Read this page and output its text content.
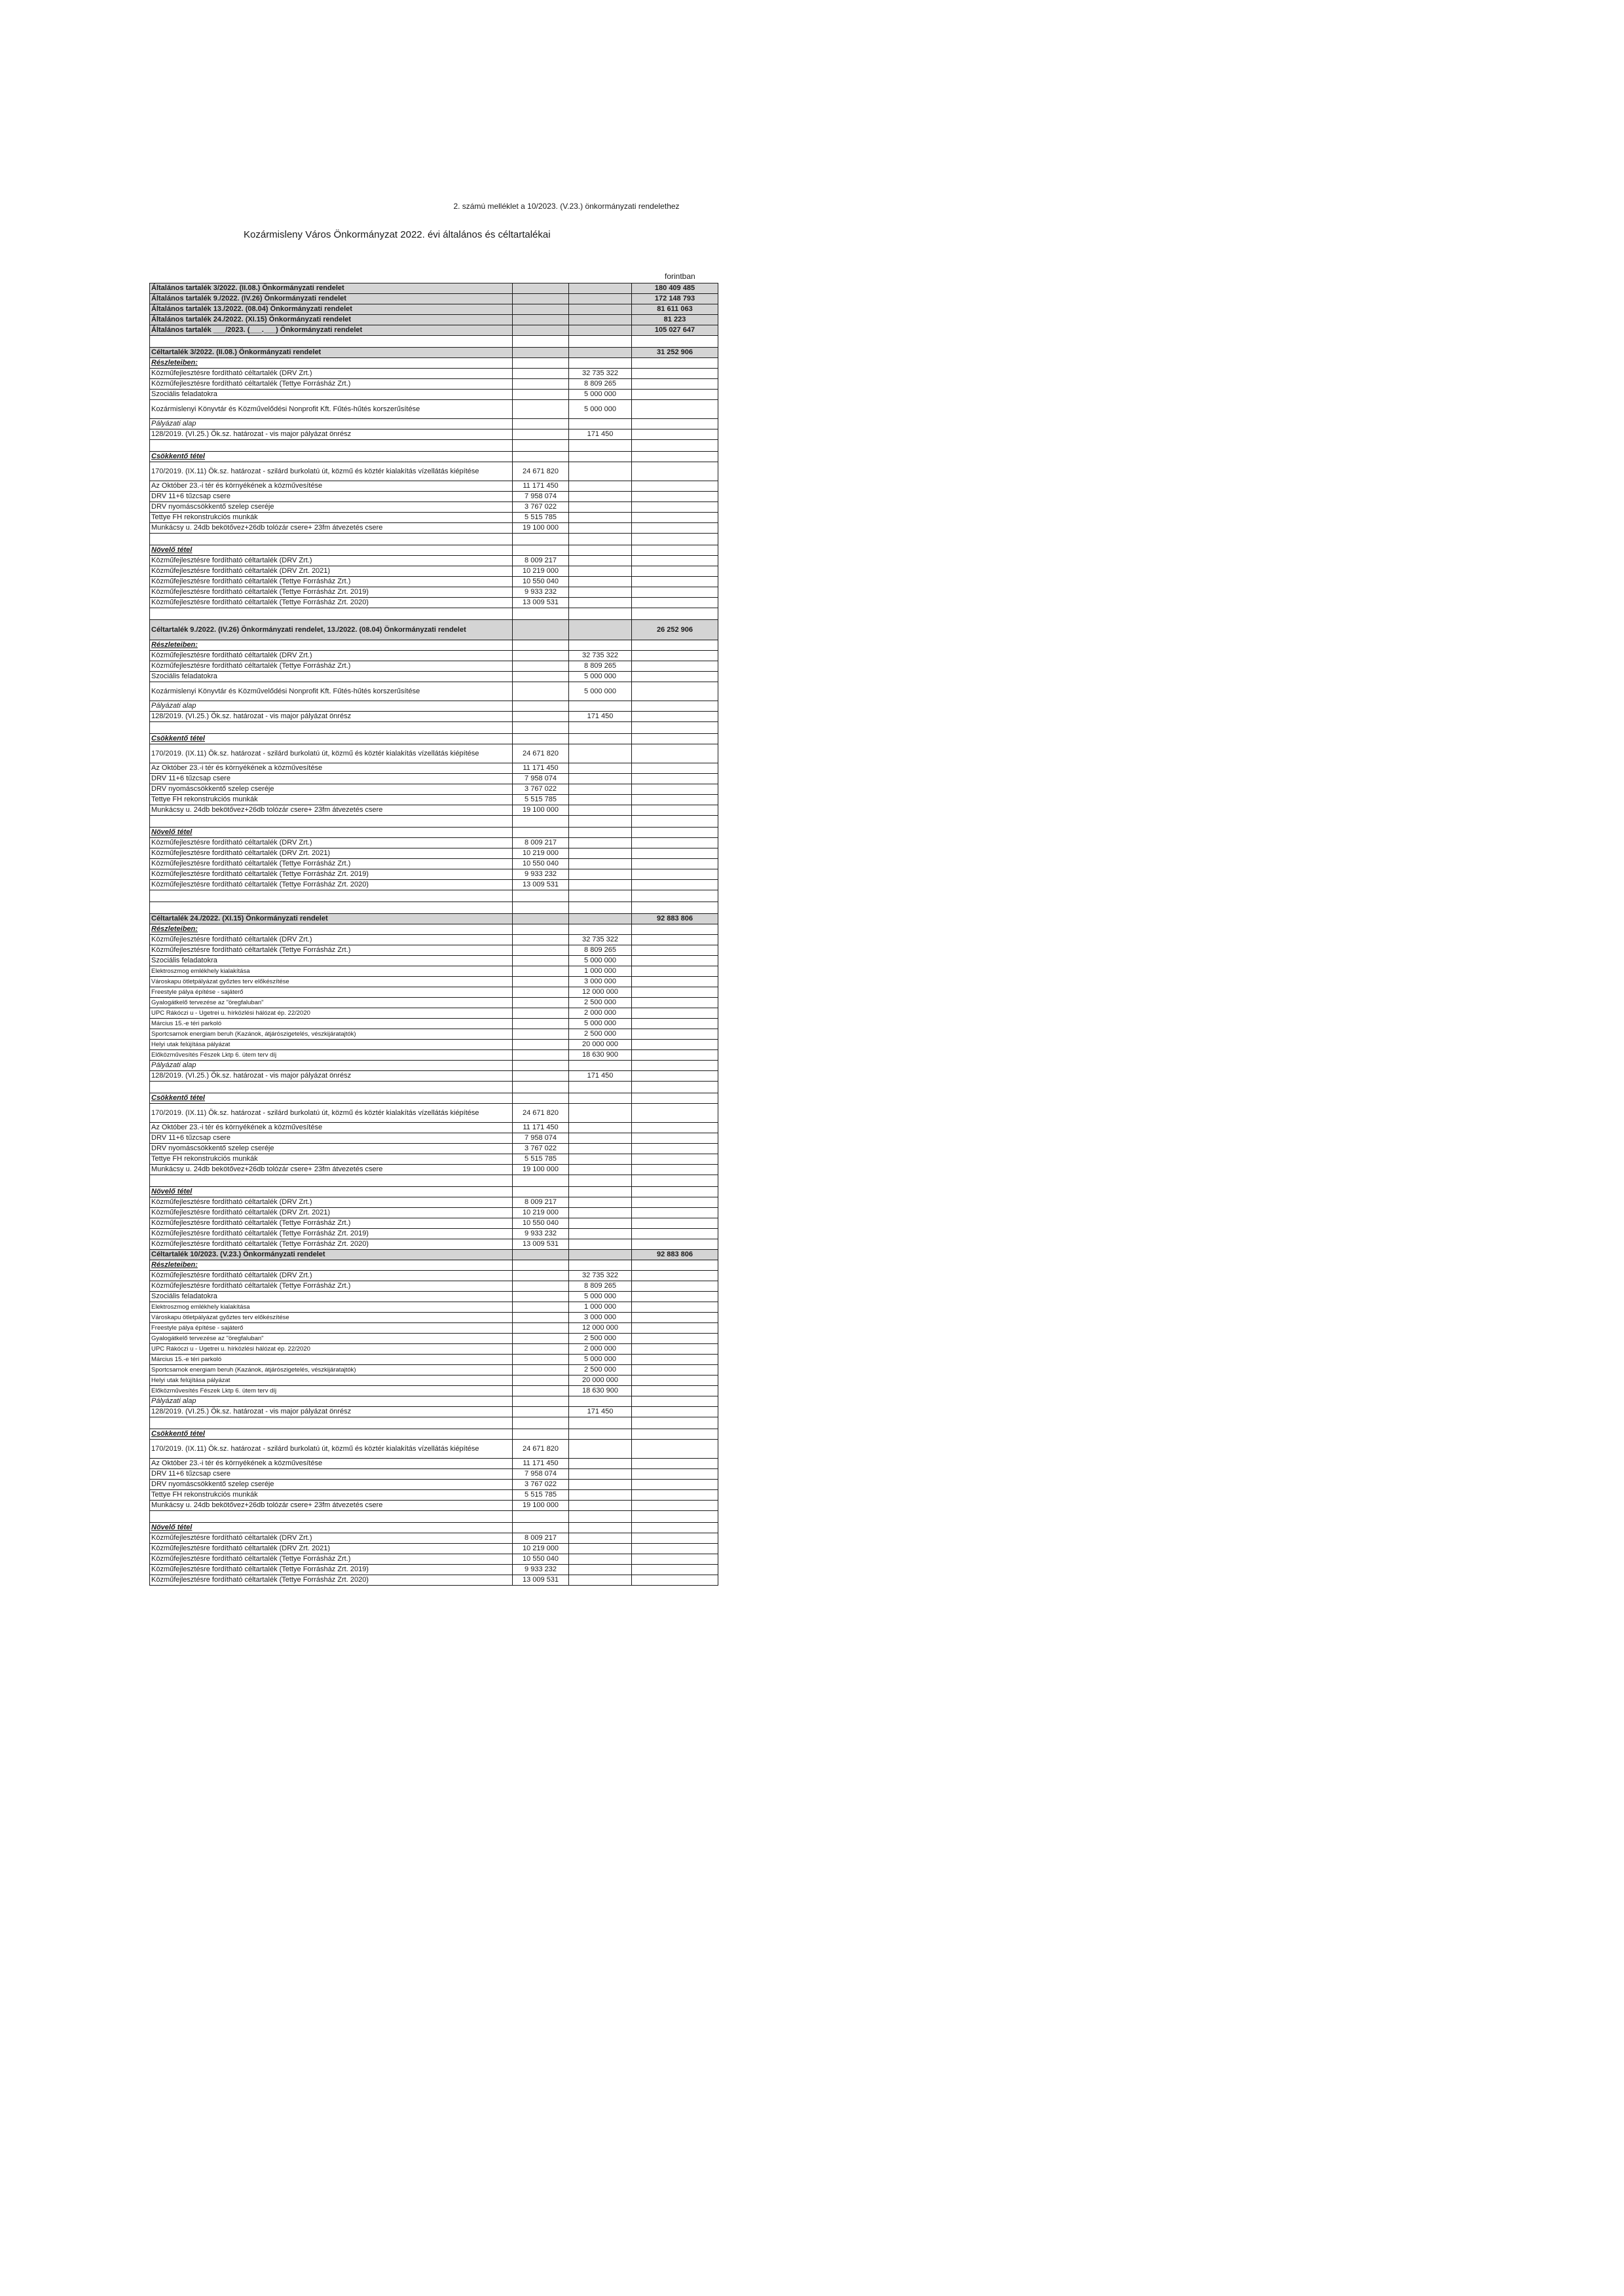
2. számú melléklet a 10/2023. (V.23.) önkormányzati rendelethez
Kozármisleny Város Önkormányzat 2022. évi általános és céltartalékai
forintban
Általános tartalék 3/2022. (II.08.) Önkormányzati rendelet			180 409 485
Általános tartalék 9./2022. (IV.26) Önkormányzati rendelet			172 148 793
Általános tartalék 13./2022. (08.04) Önkormányzati rendelet			81 611 063
Általános tartalék 24./2022. (XI.15) Önkormányzati rendelet			81 223
Általános tartalék ___/2023. (___.___) Önkormányzati rendelet			105 027 647

Céltartalék 3/2022. (II.08.) Önkormányzati rendelet			31 252 906
Részleteiben:			
Közműfejlesztésre fordítható céltartalék (DRV Zrt.)		32 735 322	
Közműfejlesztésre fordítható céltartalék (Tettye Forrásház Zrt.)		8 809 265	
Szociális feladatokra		5 000 000	
Kozármislenyi Könyvtár és Közművelődési Nonprofit Kft. Fűtés-hűtés korszerűsítése		5 000 000	
Pályázati alap			
128/2019. (VI.25.) Ök.sz. határozat - vis major pályázat önrész		171 450	

Csökkentő tétel			
170/2019. (IX.11) Ök.sz. határozat - szilárd burkolatú út, közmű és köztér kialakítás vízellátás kiépítése	24 671 820		
Az Október 23.-i tér és környékének a közművesítése	11 171 450		
DRV 11+6 tűzcsap csere	7 958 074		
DRV nyomáscsökkentő szelep cseréje	3 767 022		
Tettye FH rekonstrukciós munkák	5 515 785		
Munkácsy u. 24db bekötővez+26db tolózár csere+ 23fm átvezetés csere	19 100 000		

Növelő tétel			
Közműfejlesztésre fordítható céltartalék (DRV Zrt.)	8 009 217		
Közműfejlesztésre fordítható céltartalék (DRV Zrt. 2021)	10 219 000		
Közműfejlesztésre fordítható céltartalék (Tettye Forrásház Zrt.)	10 550 040		
Közműfejlesztésre fordítható céltartalék (Tettye Forrásház Zrt. 2019)	9 933 232		
Közműfejlesztésre fordítható céltartalék (Tettye Forrásház Zrt. 2020)	13 009 531		

Céltartalék 9./2022. (IV.26) Önkormányzati rendelet, 13./2022. (08.04) Önkormányzati rendelet			26 252 906
Részleteiben:			
Közműfejlesztésre fordítható céltartalék (DRV Zrt.)		32 735 322	
Közműfejlesztésre fordítható céltartalék (Tettye Forrásház Zrt.)		8 809 265	
Szociális feladatokra		5 000 000	
Kozármislenyi Könyvtár és Közművelődési Nonprofit Kft. Fűtés-hűtés korszerűsítése		5 000 000	
Pályázati alap			
128/2019. (VI.25.) Ök.sz. határozat - vis major pályázat önrész		171 450	

Csökkentő tétel			
170/2019. (IX.11) Ök.sz. határozat - szilárd burkolatú út, közmű és köztér kialakítás vízellátás kiépítése	24 671 820		
Az Október 23.-i tér és környékének a közművesítése	11 171 450		
DRV 11+6 tűzcsap csere	7 958 074		
DRV nyomáscsökkentő szelep cseréje	3 767 022		
Tettye FH rekonstrukciós munkák	5 515 785		
Munkácsy u. 24db bekötővez+26db tolózár csere+ 23fm átvezetés csere	19 100 000		

Növelő tétel			
Közműfejlesztésre fordítható céltartalék (DRV Zrt.)	8 009 217		
Közműfejlesztésre fordítható céltartalék (DRV Zrt. 2021)	10 219 000		
Közműfejlesztésre fordítható céltartalék (Tettye Forrásház Zrt.)	10 550 040		
Közműfejlesztésre fordítható céltartalék (Tettye Forrásház Zrt. 2019)	9 933 232		
Közműfejlesztésre fordítható céltartalék (Tettye Forrásház Zrt. 2020)	13 009 531		

Céltartalék 24./2022. (XI.15) Önkormányzati rendelet			92 883 806
Részleteiben:			
Közműfejlesztésre fordítható céltartalék (DRV Zrt.)		32 735 322	
Közműfejlesztésre fordítható céltartalék (Tettye Forrásház Zrt.)		8 809 265	
Szociális feladatokra		5 000 000	
Elektroszmog emlékhely kialakítása		1 000 000	
Városkapu ötletpályázat győztes terv előkészítése		3 000 000	
Freestyle pálya építése - sajáterő		12 000 000	
Gyalogátkelő tervezése az "öregfaluban"		2 500 000	
UPC Rákóczi u - Ugetrei u. hírközlési hálózat ép. 22/2020		2 000 000	
Március 15.-e téri parkoló		5 000 000	
Sportcsarnok energiam beruh (Kazánok, átjárószigetelés, vészkijáratajtók)		2 500 000	
Helyi utak felújítása pályázat		20 000 000	
Előközművesítés Fészek Lktp 6. ütem terv díj		18 630 900	
Pályázati alap			
128/2019. (VI.25.) Ök.sz. határozat - vis major pályázat önrész		171 450	

Csökkentő tétel			
170/2019. (IX.11) Ök.sz. határozat - szilárd burkolatú út, közmű és köztér kialakítás vízellátás kiépítése	24 671 820		
Az Október 23.-i tér és környékének a közművesítése	11 171 450		
DRV 11+6 tűzcsap csere	7 958 074		
DRV nyomáscsökkentő szelep cseréje	3 767 022		
Tettye FH rekonstrukciós munkák	5 515 785		
Munkácsy u. 24db bekötővez+26db tolózár csere+ 23fm átvezetés csere	19 100 000		

Növelő tétel			
Közműfejlesztésre fordítható céltartalék (DRV Zrt.)	8 009 217		
Közműfejlesztésre fordítható céltartalék (DRV Zrt. 2021)	10 219 000		
Közműfejlesztésre fordítható céltartalék (Tettye Forrásház Zrt.)	10 550 040		
Közműfejlesztésre fordítható céltartalék (Tettye Forrásház Zrt. 2019)	9 933 232		
Közműfejlesztésre fordítható céltartalék (Tettye Forrásház Zrt. 2020)	13 009 531		
Céltartalék 10/2023. (V.23.) Önkormányzati rendelet			92 883 806
Részleteiben:			
Közműfejlesztésre fordítható céltartalék (DRV Zrt.)		32 735 322	
Közműfejlesztésre fordítható céltartalék (Tettye Forrásház Zrt.)		8 809 265	
Szociális feladatokra		5 000 000	
Elektroszmog emlékhely kialakítása		1 000 000	
Városkapu ötletpályázat győztes terv előkészítése		3 000 000	
Freestyle pálya építése - sajáterő		12 000 000	
Gyalogátkelő tervezése az "öregfaluban"		2 500 000	
UPC Rákóczi u - Ugetrei u. hírközlési hálózat ép. 22/2020		2 000 000	
Március 15.-e téri parkoló		5 000 000	
Sportcsarnok energiam beruh (Kazánok, átjárószigetelés, vészkijáratajtók)		2 500 000	
Helyi utak felújítása pályázat		20 000 000	
Előközművesítés Fészek Lktp 6. ütem terv díj		18 630 900	
Pályázati alap			
128/2019. (VI.25.) Ök.sz. határozat - vis major pályázat önrész		171 450	

Csökkentő tétel			
170/2019. (IX.11) Ök.sz. határozat - szilárd burkolatú út, közmű és köztér kialakítás vízellátás kiépítése	24 671 820		
Az Október 23.-i tér és környékének a közművesítése	11 171 450		
DRV 11+6 tűzcsap csere	7 958 074		
DRV nyomáscsökkentő szelep cseréje	3 767 022		
Tettye FH rekonstrukciós munkák	5 515 785		
Munkácsy u. 24db bekötővez+26db tolózár csere+ 23fm átvezetés csere	19 100 000		

Növelő tétel			
Közműfejlesztésre fordítható céltartalék (DRV Zrt.)	8 009 217		
Közműfejlesztésre fordítható céltartalék (DRV Zrt. 2021)	10 219 000		
Közműfejlesztésre fordítható céltartalék (Tettye Forrásház Zrt.)	10 550 040		
Közműfejlesztésre fordítható céltartalék (Tettye Forrásház Zrt. 2019)	9 933 232		
Közműfejlesztésre fordítható céltartalék (Tettye Forrásház Zrt. 2020)	13 009 531		
